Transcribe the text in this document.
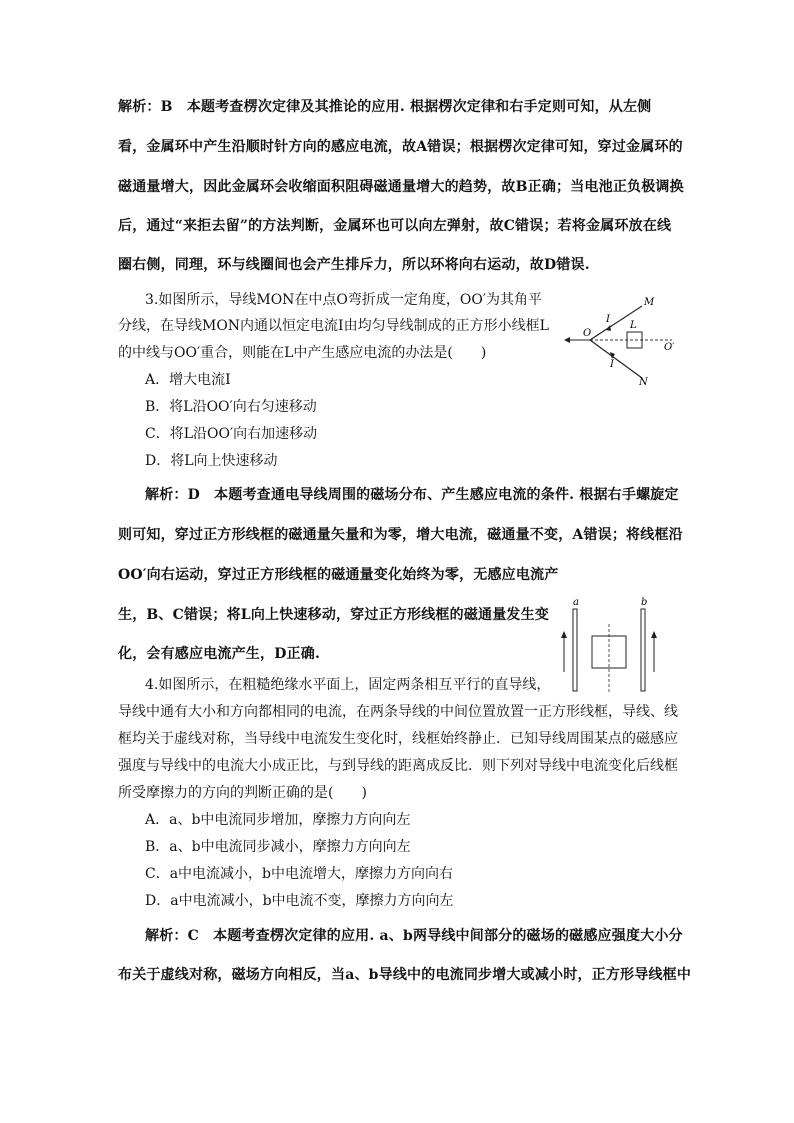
解析：B　本题考查楞次定律及其推论的应用. 根据楞次定律和右手定则可知，从左侧
看，金属环中产生沿顺时针方向的感应电流，故A错误；根据楞次定律可知，穿过金属环的
磁通量增大，因此金属环会收缩面积阻碍磁通量增大的趋势，故B正确；当电池正负极调换
后，通过“来拒去留”的方法判断，金属环也可以向左弹射，故C错误；若将金属环放在线
圈右侧，同理，环与线圈间也会产生排斥力，所以环将向右运动，故D错误.
3.如图所示，导线MON在中点O弯折成一定角度，OO′为其角平
分线，在导线MON内通以恒定电流I由均匀导线制成的正方形小线框L
的中线与OO′重合，则能在L中产生感应电流的办法是(　　)
A．增大电流I
B．将L沿OO′向右匀速移动
C．将L沿OO′向右加速移动
D．将L向上快速移动
M
N
O
O′
L
I
I
解析：D　本题考查通电导线周围的磁场分布、产生感应电流的条件. 根据右手螺旋定
则可知，穿过正方形线框的磁通量矢量和为零，增大电流，磁通量不变，A错误；将线框沿
OO′向右运动，穿过正方形线框的磁通量变化始终为零，无感应电流产
生，B、C错误；将L向上快速移动，穿过正方形线框的磁通量发生变
化，会有感应电流产生，D正确.
a	b
4.如图所示，在粗糙绝缘水平面上，固定两条相互平行的直导线，
导线中通有大小和方向都相同的电流，在两条导线的中间位置放置一正方形线框，导线、线
框均关于虚线对称，当导线中电流发生变化时，线框始终静止．已知导线周围某点的磁感应
强度与导线中的电流大小成正比，与到导线的距离成反比．则下列对导线中电流变化后线框
所受摩擦力的方向的判断正确的是(　　)
A．a、b中电流同步增加，摩擦力方向向左
B．a、b中电流同步减小，摩擦力方向向左
C．a中电流减小，b中电流增大，摩擦力方向向右
D．a中电流减小，b中电流不变，摩擦力方向向左
解析：C　本题考查楞次定律的应用. a、b两导线中间部分的磁场的磁感应强度大小分
布关于虚线对称，磁场方向相反，当a、b导线中的电流同步增大或减小时，正方形导线框中
